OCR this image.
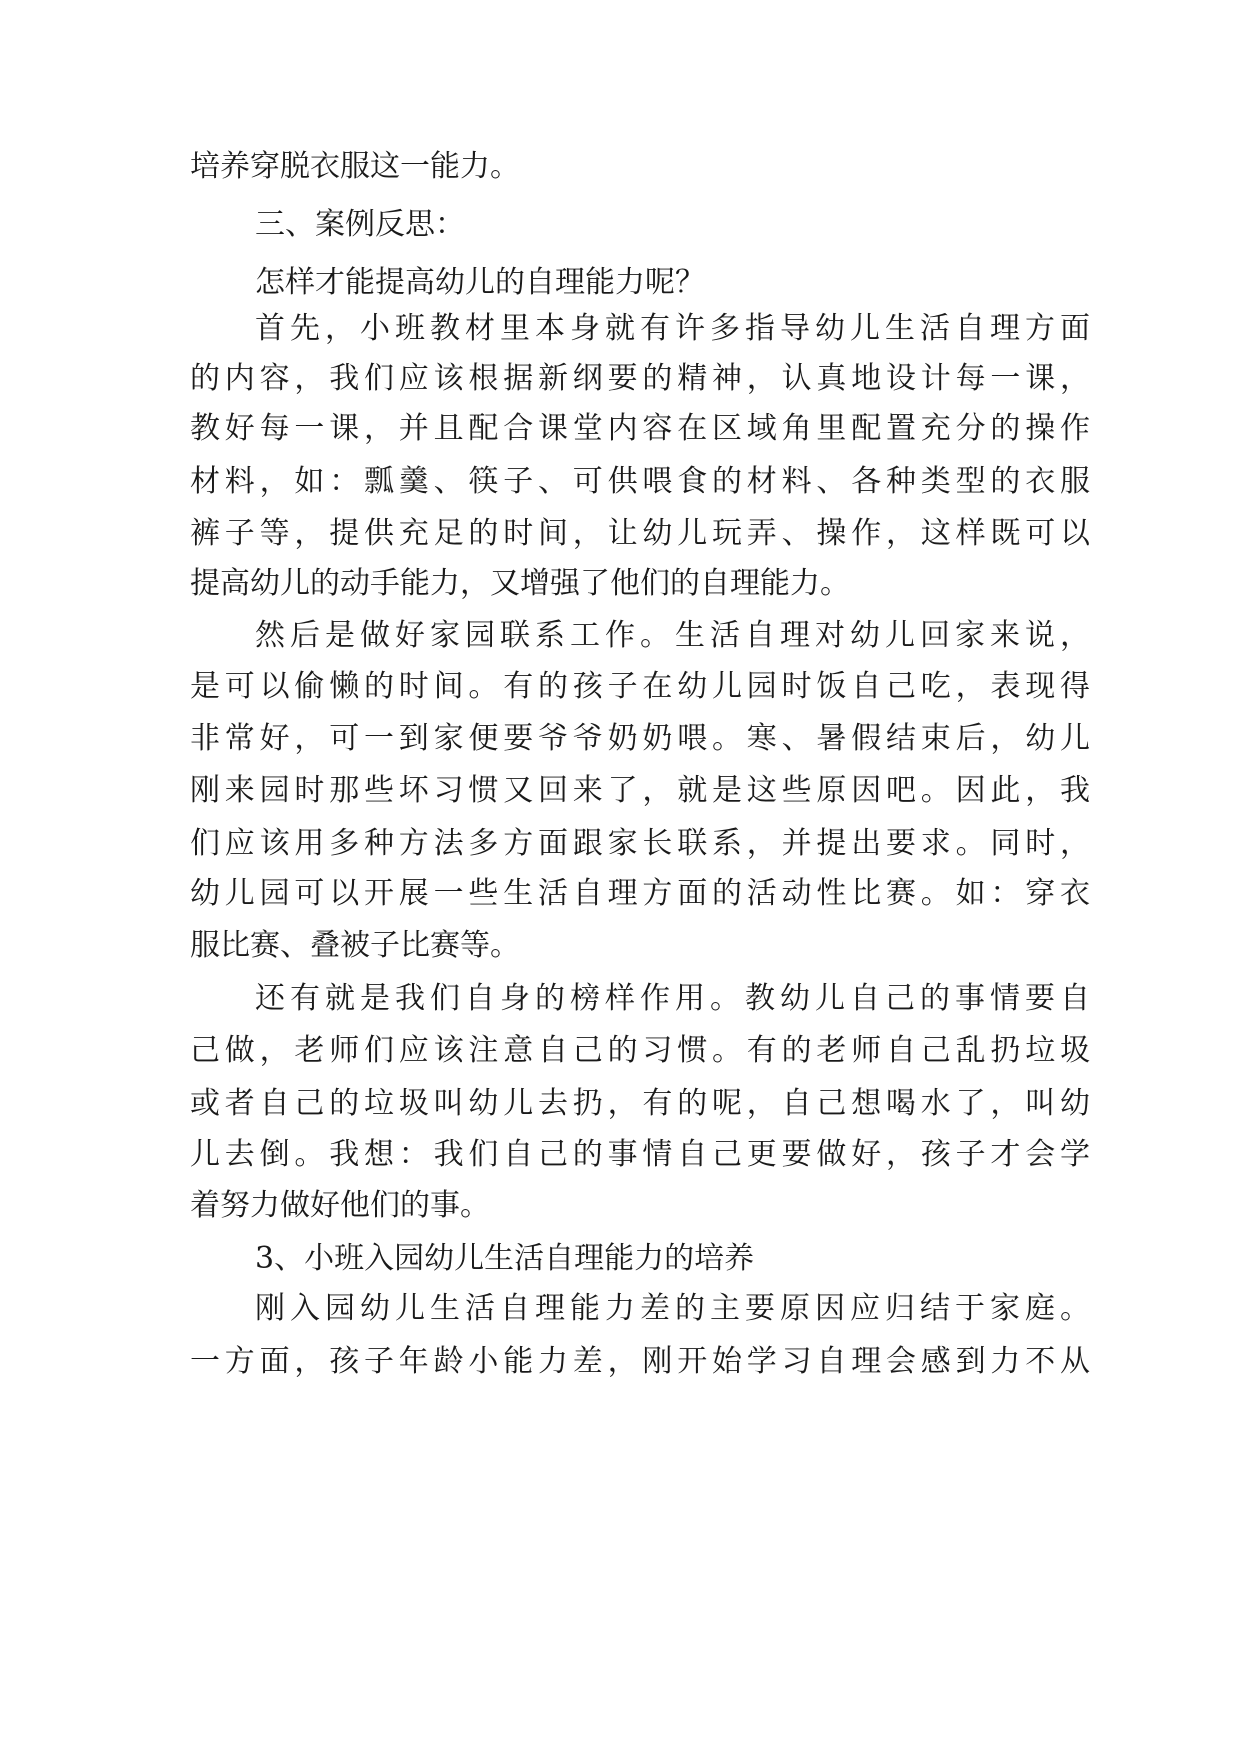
培养穿脱衣服这一能力。
三、案例反思：
怎样才能提高幼儿的自理能力呢？
首先，小班教材里本身就有许多指导幼儿生活自理方面
的内容，我们应该根据新纲要的精神，认真地设计每一课，
教好每一课，并且配合课堂内容在区域角里配置充分的操作
材料，如：瓢羹、筷子、可供喂食的材料、各种类型的衣服
裤子等，提供充足的时间，让幼儿玩弄、操作，这样既可以
提高幼儿的动手能力，又增强了他们的自理能力。
然后是做好家园联系工作。生活自理对幼儿回家来说，
是可以偷懒的时间。有的孩子在幼儿园时饭自己吃，表现得
非常好，可一到家便要爷爷奶奶喂。寒、暑假结束后，幼儿
刚来园时那些坏习惯又回来了，就是这些原因吧。因此，我
们应该用多种方法多方面跟家长联系，并提出要求。同时，
幼儿园可以开展一些生活自理方面的活动性比赛。如：穿衣
服比赛、叠被子比赛等。
还有就是我们自身的榜样作用。教幼儿自己的事情要自
己做，老师们应该注意自己的习惯。有的老师自己乱扔垃圾
或者自己的垃圾叫幼儿去扔，有的呢，自己想喝水了，叫幼
儿去倒。我想：我们自己的事情自己更要做好，孩子才会学
着努力做好他们的事。
3、小班入园幼儿生活自理能力的培养
刚入园幼儿生活自理能力差的主要原因应归结于家庭。
一方面，孩子年龄小能力差，刚开始学习自理会感到力不从
